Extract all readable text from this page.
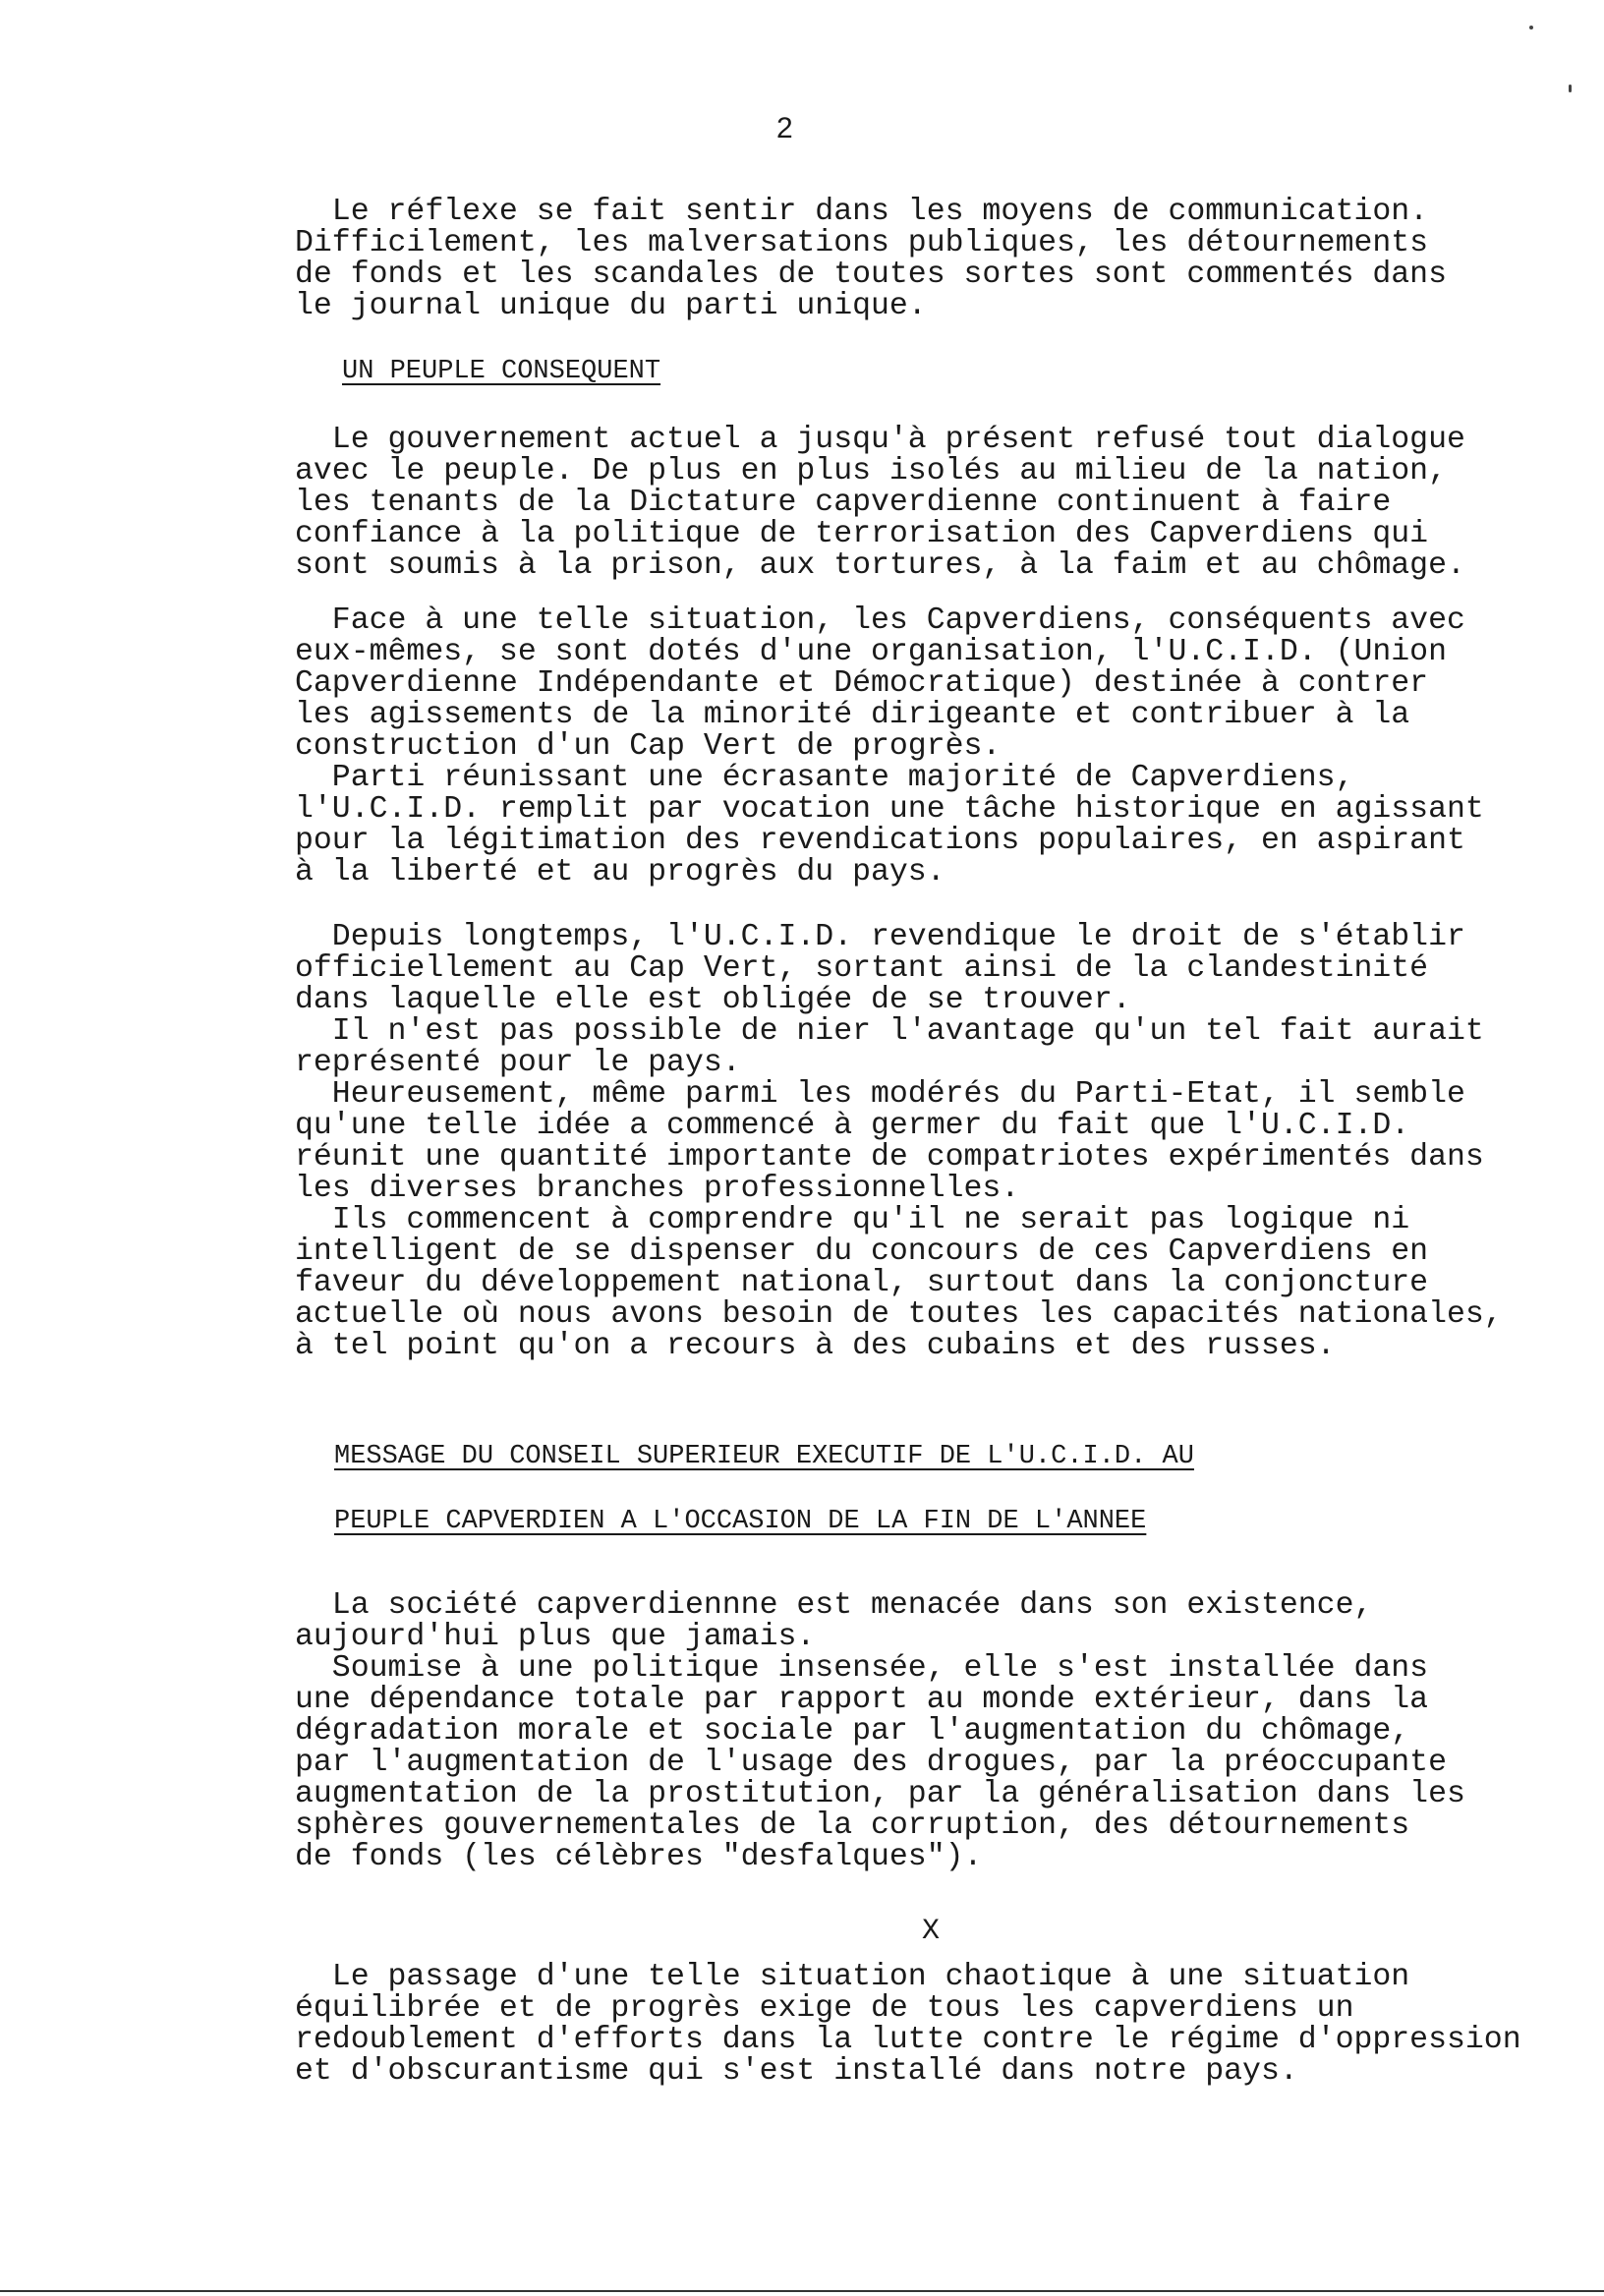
2

Le réflexe se fait sentir dans les moyens de communication.
Difficilement, les malversations publiques, les détournements
de fonds et les scandales de toutes sortes sont commentés dans
le journal unique du parti unique.

UN PEUPLE CONSEQUENT

Le gouvernement actuel a jusqu'à présent refusé tout dialogue
avec le peuple. De plus en plus isolés au milieu de la nation,
les tenants de la Dictature capverdienne continuent à faire
confiance à la politique de terrorisation des Capverdiens qui
sont soumis à la prison, aux tortures, à la faim et au chômage.

Face à une telle situation, les Capverdiens, conséquents avec
eux-mêmes, se sont dotés d'une organisation, l'U.C.I.D. (Union
Capverdienne Indépendante et Démocratique) destinée à contrer
les agissements de la minorité dirigeante et contribuer à la
construction d'un Cap Vert de progrès.
Parti réunissant une écrasante majorité de Capverdiens,
l'U.C.I.D. remplit par vocation une tâche historique en agissant
pour la légitimation des revendications populaires, en aspirant
à la liberté et au progrès du pays.

Depuis longtemps, l'U.C.I.D. revendique le droit de s'établir
officiellement au Cap Vert, sortant ainsi de la clandestinité
dans laquelle elle est obligée de se trouver.
Il n'est pas possible de nier l'avantage qu'un tel fait aurait
représenté pour le pays.
Heureusement, même parmi les modérés du Parti-Etat, il semble
qu'une telle idée a commencé à germer du fait que l'U.C.I.D.
réunit une quantité importante de compatriotes expérimentés dans
les diverses branches professionnelles.
Ils commencent à comprendre qu'il ne serait pas logique ni
intelligent de se dispenser du concours de ces Capverdiens en
faveur du développement national, surtout dans la conjoncture
actuelle où nous avons besoin de toutes les capacités nationales,
à tel point qu'on a recours à des cubains et des russes.

MESSAGE DU CONSEIL SUPERIEUR EXECUTIF DE L'U.C.I.D. AU
PEUPLE CAPVERDIEN A L'OCCASION DE LA FIN DE L'ANNEE

La société capverdiennne est menacée dans son existence,
aujourd'hui plus que jamais.
Soumise à une politique insensée, elle s'est installée dans
une dépendance totale par rapport au monde extérieur, dans la
dégradation morale et sociale par l'augmentation du chômage,
par l'augmentation de l'usage des drogues, par la préoccupante
augmentation de la prostitution, par la généralisation dans les
sphères gouvernementales de la corruption, des détournements
de fonds (les célèbres "desfalques").

X

Le passage d'une telle situation chaotique à une situation
équilibrée et de progrès exige de tous les capverdiens un
redoublement d'efforts dans la lutte contre le régime d'oppression
et d'obscurantisme qui s'est installé dans notre pays.
